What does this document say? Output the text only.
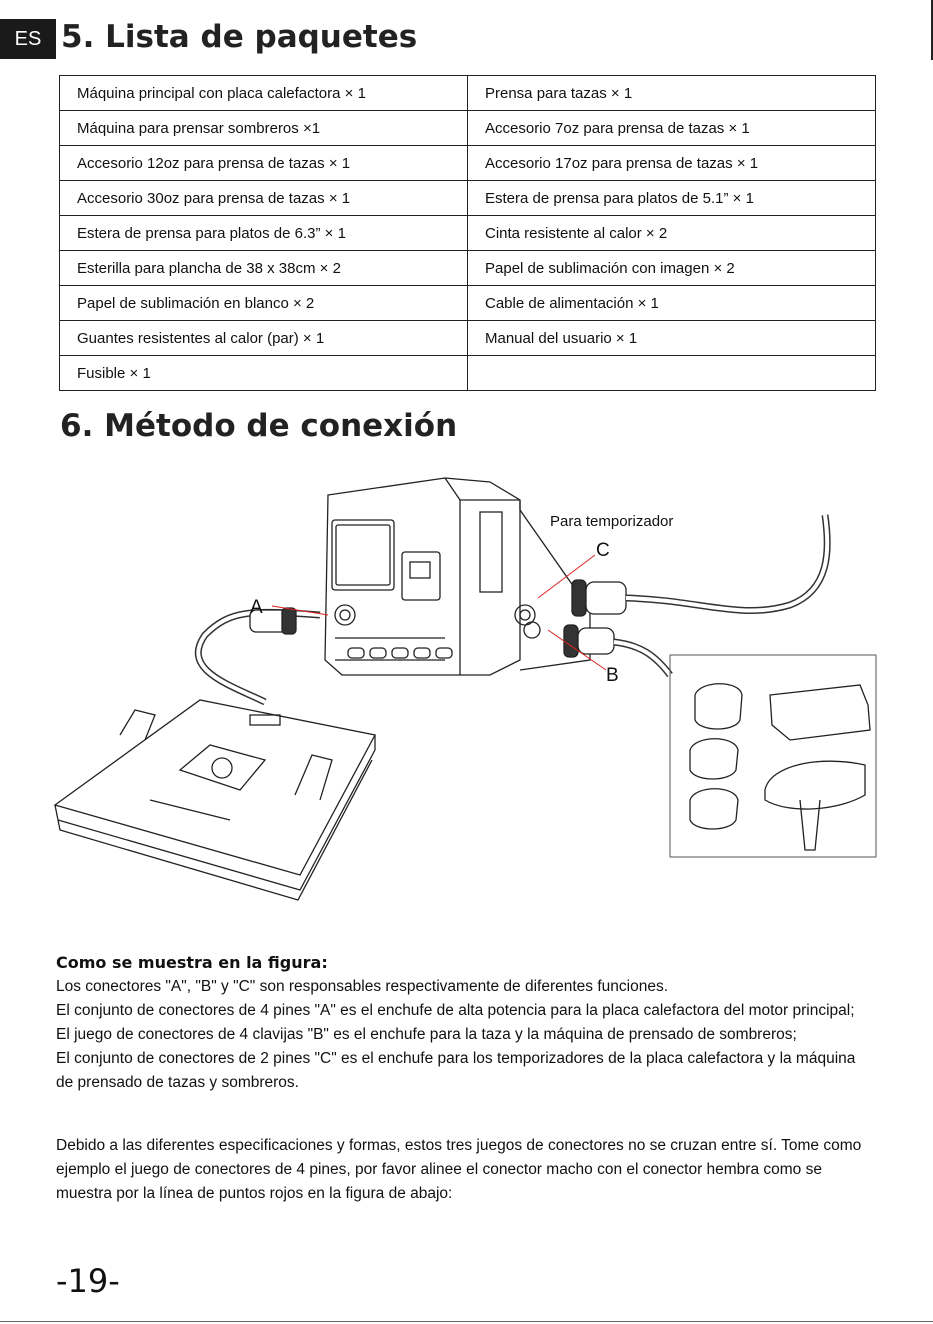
ES 5. Lista de paquetes
Máquina principal con placa calefactora × 1	Prensa para tazas × 1
Máquina para prensar sombreros ×1	Accesorio 7oz para prensa de tazas × 1
Accesorio 12oz para prensa de tazas × 1	Accesorio 17oz para prensa de tazas × 1
Accesorio 30oz para prensa de tazas × 1	Estera de prensa para platos de 5.1” × 1
Estera de prensa para platos de 6.3” × 1	Cinta resistente al calor × 2
Esterilla para plancha de 38 x 38cm × 2	Papel de sublimación con imagen × 2
Papel de sublimación en blanco × 2	Cable de alimentación × 1
Guantes resistentes al calor (par) × 1	Manual del usuario × 1
Fusible × 1	
6. Método de conexión
Para temporizador
C
A
B
Como se muestra en la figura:
Los conectores "A", "B" y "C" son responsables respectivamente de diferentes funciones.
El conjunto de conectores de 4 pines "A" es el enchufe de alta potencia para la placa calefactora del motor principal;
El juego de conectores de 4 clavijas "B" es el enchufe para la taza y la máquina de prensado de sombreros;
El conjunto de conectores de 2 pines "C" es el enchufe para los temporizadores de la placa calefactora y la máquina de prensado de tazas y sombreros.
Debido a las diferentes especificaciones y formas, estos tres juegos de conectores no se cruzan entre sí. Tome como ejemplo el juego de conectores de 4 pines, por favor alinee el conector macho con el conector hembra como se muestra por la línea de puntos rojos en la figura de abajo:
-19-
